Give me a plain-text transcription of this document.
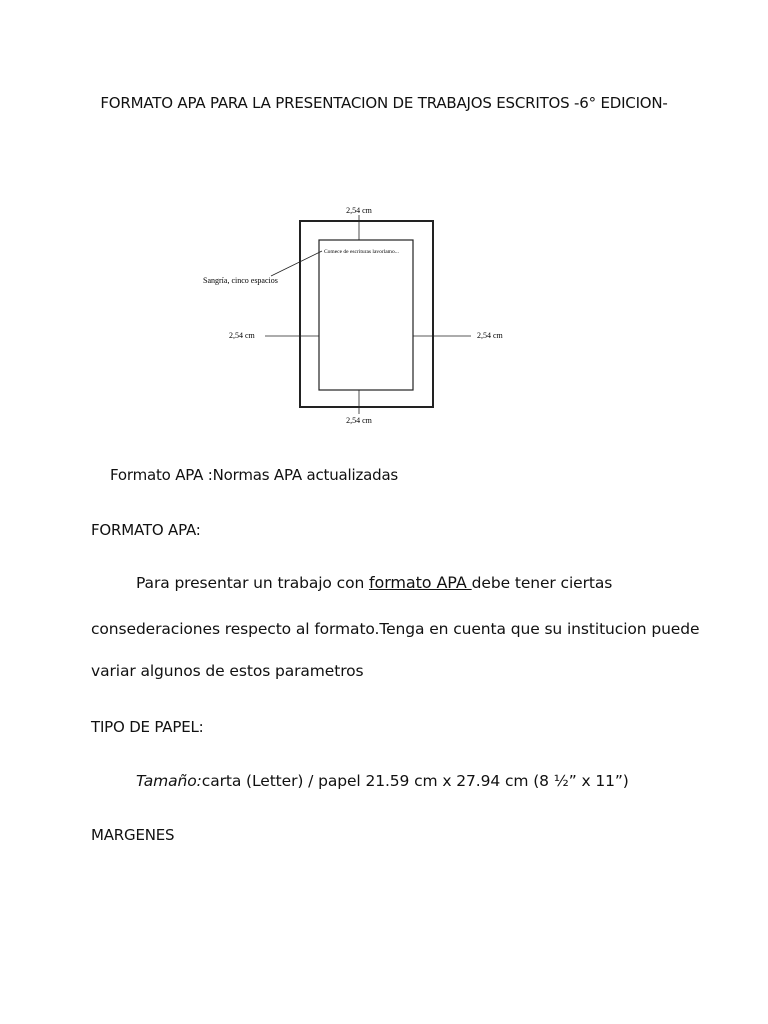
FORMATO APA PARA LA PRESENTACION DE TRABAJOS ESCRITOS -6° EDICION-
2,54 cm
2,54 cm
2,54 cm	2,54 cm
Comece de escrituras lavorlamo...
Sangría, cinco espacios
Formato APA :Normas APA actualizadas
FORMATO APA:
Para presentar un trabajo con formato APA debe tener ciertas
consederaciones respecto al formato.Tenga en cuenta que su institucion puede
variar algunos de estos parametros
TIPO DE PAPEL:
Tamaño:carta (Letter) / papel 21.59 cm x 27.94 cm (8 ½” x 11”)
MARGENES
